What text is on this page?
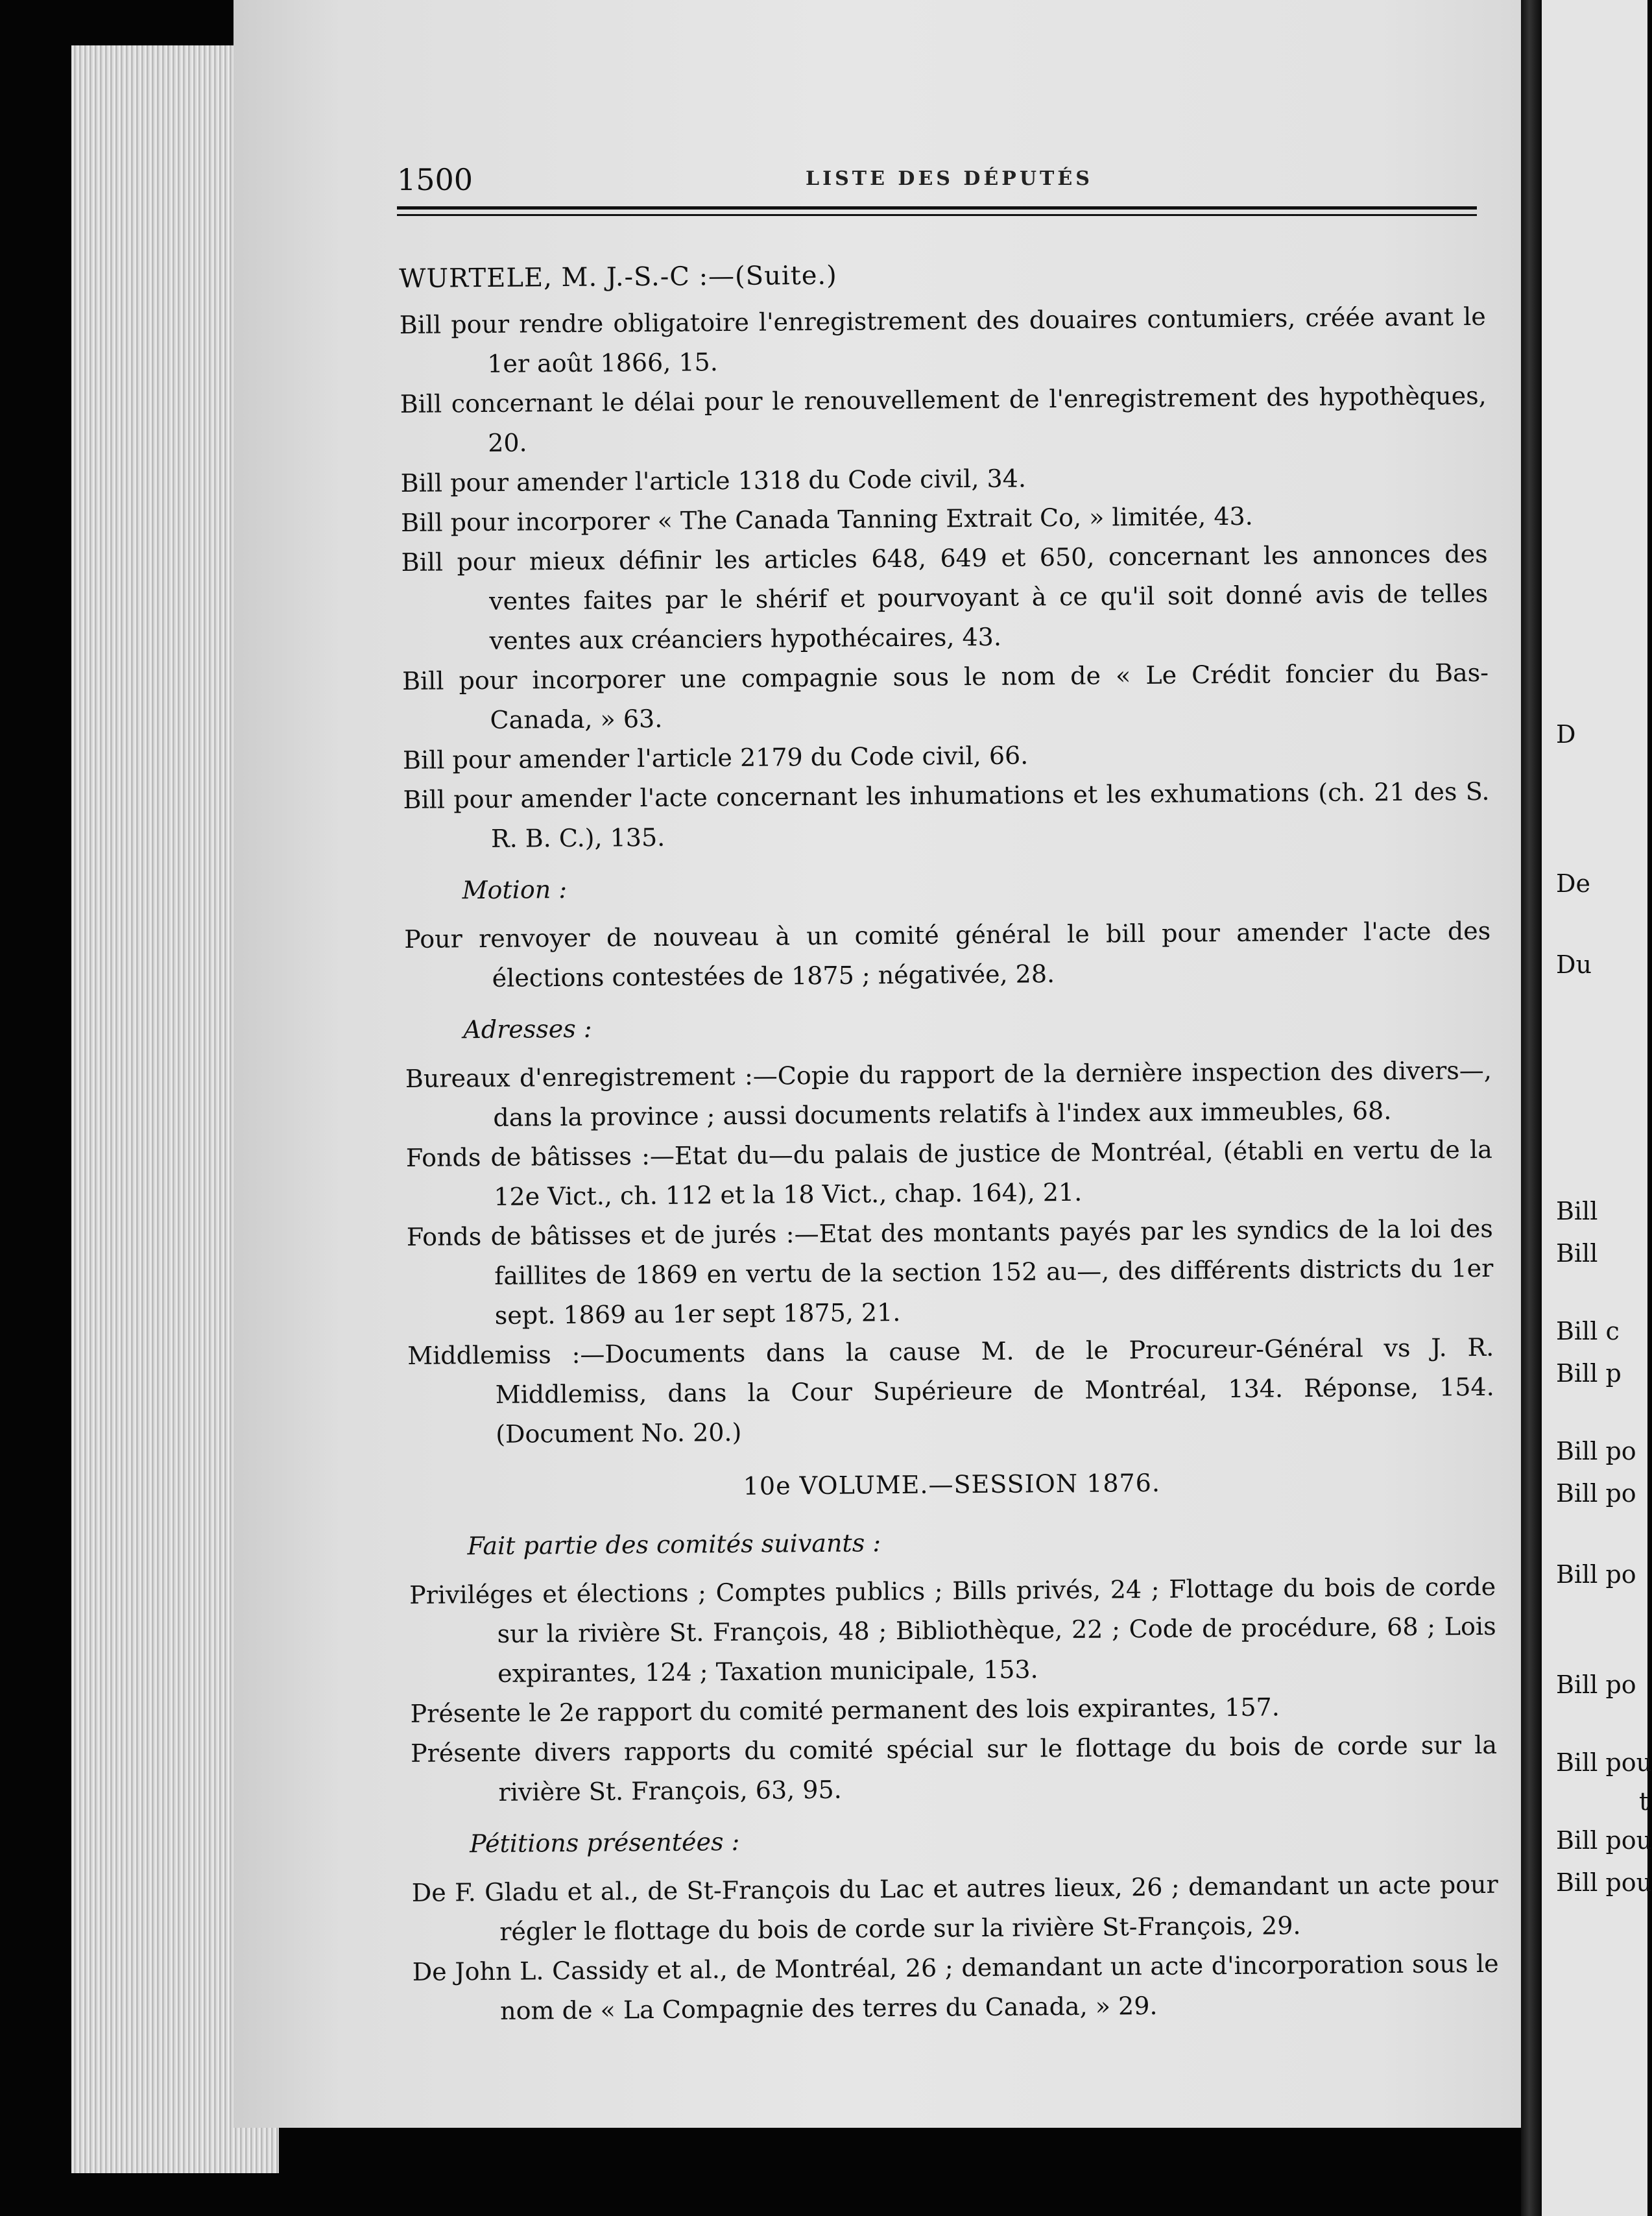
D
De
Du
Bill
Bill
Bill c
Bill p
Bill po
Bill po
Bill po
Bill po
Bill pou
t
Bill pou
Bill pou
1500	LISTE DES DÉPUTÉS

WURTELE, M. J.-S.-C :—(Suite.)

Bill pour rendre obligatoire l'enregistrement des douaires contumiers, créée avant le 1er août 1866, 15.

Bill concernant le délai pour le renouvellement de l'enregistrement des hypothèques, 20.

Bill pour amender l'article 1318 du Code civil, 34.

Bill pour incorporer « The Canada Tanning Extrait Co, » limitée, 43.

Bill pour mieux définir les articles 648, 649 et 650, concernant les annonces des ventes faites par le shérif et pourvoyant à ce qu'il soit donné avis de telles ventes aux créanciers hypothécaires, 43.

Bill pour incorporer une compagnie sous le nom de « Le Crédit foncier du Bas-Canada, » 63.

Bill pour amender l'article 2179 du Code civil, 66.

Bill pour amender l'acte concernant les inhumations et les exhumations (ch. 21 des S. R. B. C.), 135.

Motion :

Pour renvoyer de nouveau à un comité général le bill pour amender l'acte des élections contestées de 1875 ; négativée, 28.

Adresses :

Bureaux d'enregistrement :—Copie du rapport de la dernière inspection des divers—, dans la province ; aussi documents relatifs à l'index aux immeubles, 68.

Fonds de bâtisses :—Etat du—du palais de justice de Montréal, (établi en vertu de la 12e Vict., ch. 112 et la 18 Vict., chap. 164), 21.

Fonds de bâtisses et de jurés :—Etat des montants payés par les syndics de la loi des faillites de 1869 en vertu de la section 152 au—, des différents districts du 1er sept. 1869 au 1er sept 1875, 21.

Middlemiss :—Documents dans la cause M. de le Procureur-Général vs J. R. Middlemiss, dans la Cour Supérieure de Montréal, 134. Réponse, 154. (Document No. 20.)

10e VOLUME.—SESSION 1876.

Fait partie des comités suivants :

Priviléges et élections ; Comptes publics ; Bills privés, 24 ; Flottage du bois de corde sur la rivière St. François, 48 ; Bibliothèque, 22 ; Code de procédure, 68 ; Lois expirantes, 124 ; Taxation municipale, 153.

Présente le 2e rapport du comité permanent des lois expirantes, 157.

Présente divers rapports du comité spécial sur le flottage du bois de corde sur la rivière St. François, 63, 95.

Pétitions présentées :

De F. Gladu et al., de St-François du Lac et autres lieux, 26 ; demandant un acte pour régler le flottage du bois de corde sur la rivière St-François, 29.

De John L. Cassidy et al., de Montréal, 26 ; demandant un acte d'incorporation sous le nom de « La Compagnie des terres du Canada, » 29.
